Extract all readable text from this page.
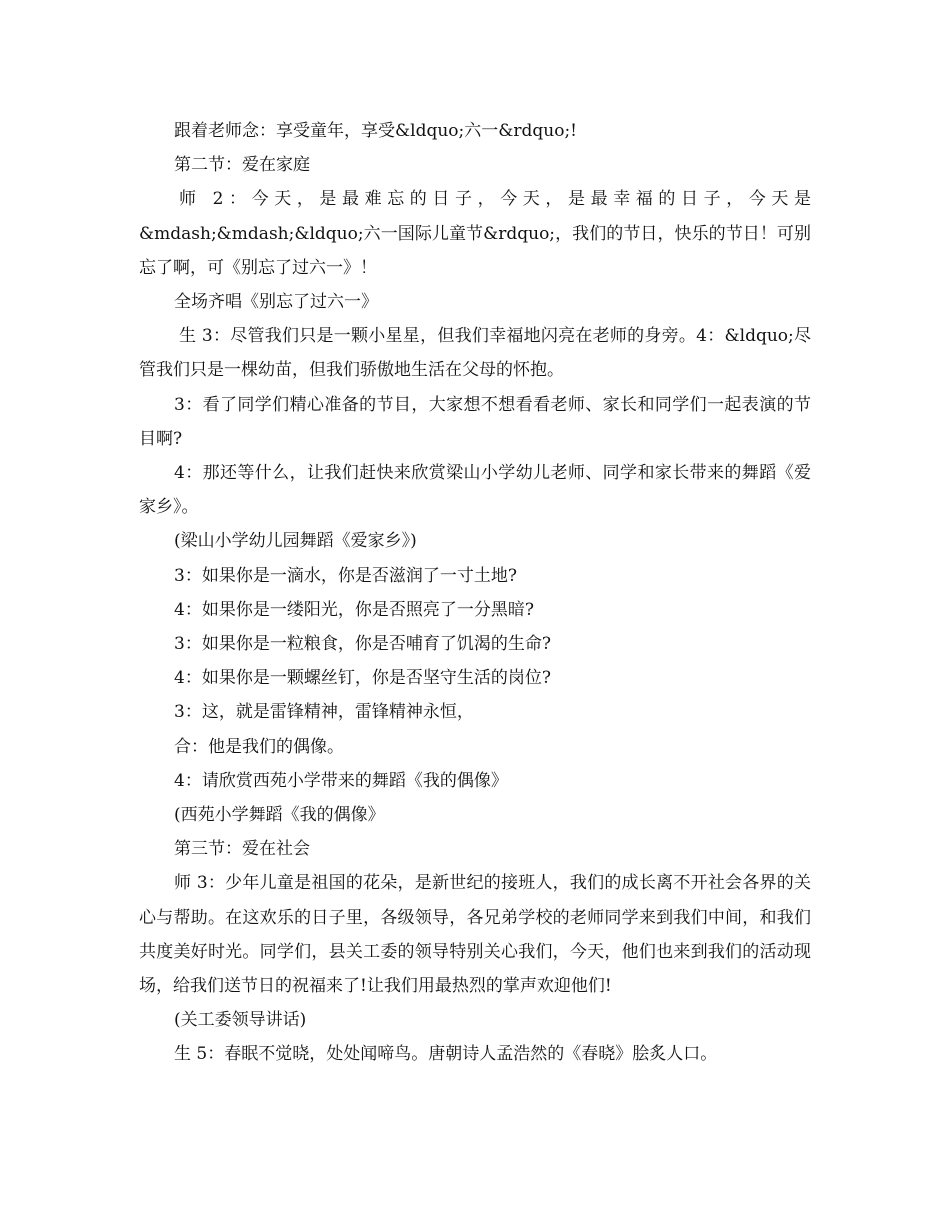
跟着老师念：享受童年，享受&ldquo;六一&rdquo;!

第二节：爱在家庭

师 2：今天，是最难忘的日子，今天，是最幸福的日子，今天是&mdash;&mdash;&ldquo;六一国际儿童节&rdquo;，我们的节日，快乐的节日！可别忘了啊，可《别忘了过六一》！

全场齐唱《别忘了过六一》

生 3：尽管我们只是一颗小星星，但我们幸福地闪亮在老师的身旁。4：&ldquo;尽管我们只是一棵幼苗，但我们骄傲地生活在父母的怀抱。

3：看了同学们精心准备的节目，大家想不想看看老师、家长和同学们一起表演的节目啊?

4：那还等什么，让我们赶快来欣赏梁山小学幼儿老师、同学和家长带来的舞蹈《爱家乡》。

(梁山小学幼儿园舞蹈《爱家乡》)

3：如果你是一滴水，你是否滋润了一寸土地?

4：如果你是一缕阳光，你是否照亮了一分黑暗?

3：如果你是一粒粮食，你是否哺育了饥渴的生命?

4：如果你是一颗螺丝钉，你是否坚守生活的岗位?

3：这，就是雷锋精神，雷锋精神永恒，

合：他是我们的偶像。

4：请欣赏西苑小学带来的舞蹈《我的偶像》

(西苑小学舞蹈《我的偶像》

第三节：爱在社会

师 3：少年儿童是祖国的花朵，是新世纪的接班人，我们的成长离不开社会各界的关心与帮助。在这欢乐的日子里，各级领导，各兄弟学校的老师同学来到我们中间，和我们共度美好时光。同学们，县关工委的领导特别关心我们，今天，他们也来到我们的活动现场，给我们送节日的祝福来了!让我们用最热烈的掌声欢迎他们!

(关工委领导讲话)

生 5：春眠不觉晓，处处闻啼鸟。唐朝诗人孟浩然的《春晓》脍炙人口。
